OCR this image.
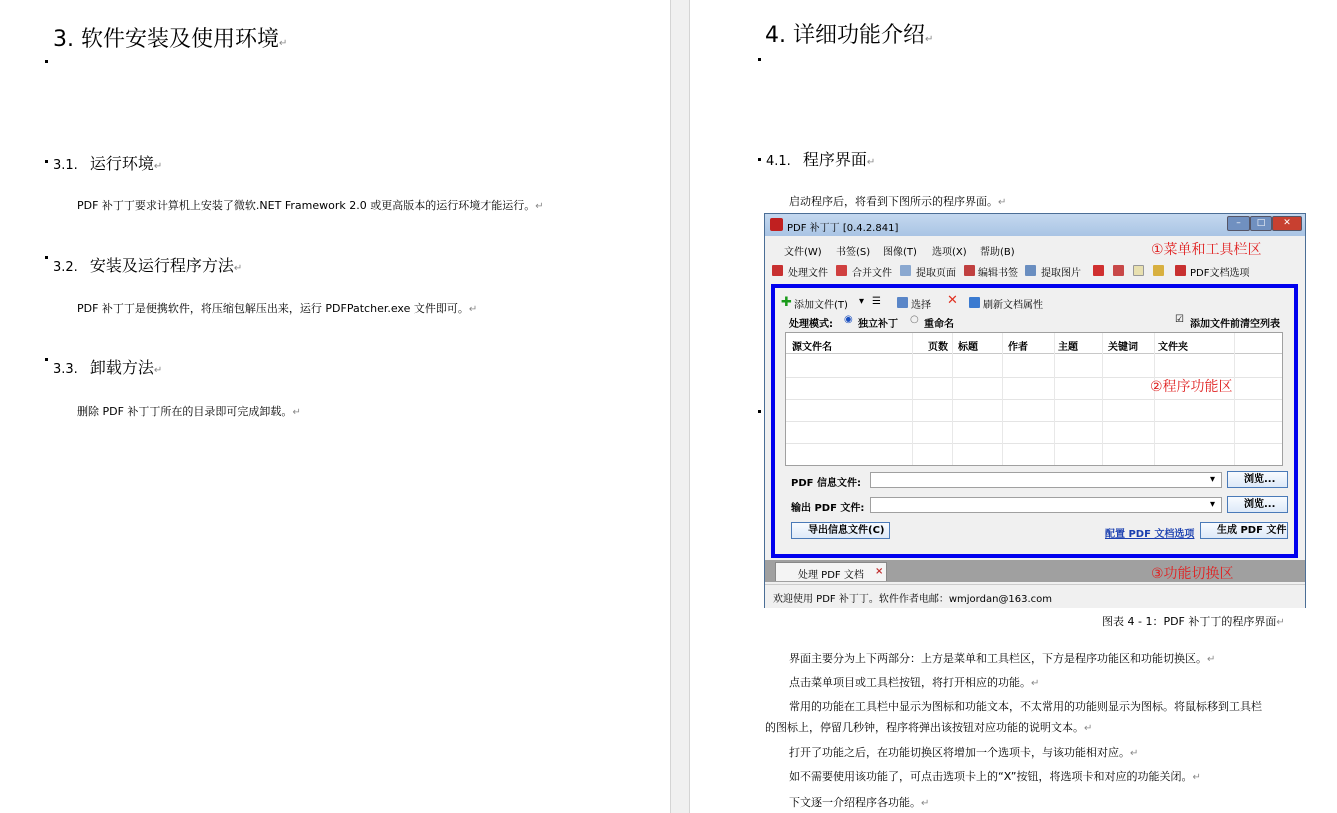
3. 软件安装及使用环境↵
3.1. 运行环境↵
PDF 补丁丁要求计算机上安装了微软.NET Framework 2.0 或更高版本的运行环境才能运行。↵
3.2. 安装及运行程序方法↵
PDF 补丁丁是便携软件，将压缩包解压出来，运行 PDFPatcher.exe 文件即可。↵
3.3. 卸载方法↵
删除 PDF 补丁丁所在的目录即可完成卸载。↵
4. 详细功能介绍↵
4.1. 程序界面↵
启动程序后，将看到下图所示的程序界面。↵
图表 4 - 1：PDF 补丁丁的程序界面↵
界面主要分为上下两部分：上方是菜单和工具栏区，下方是程序功能区和功能切换区。↵
点击菜单项目或工具栏按钮，将打开相应的功能。↵
常用的功能在工具栏中显示为图标和功能文本，不太常用的功能则显示为图标。将鼠标移到工具栏
的图标上，停留几秒钟，程序将弹出该按钮对应功能的说明文本。↵
打开了功能之后，在功能切换区将增加一个选项卡，与该功能相对应。↵
如不需要使用该功能了，可点击选项卡上的“X”按钮，将选项卡和对应的功能关闭。↵
下文逐一介绍程序各功能。↵
PDF 补丁丁 [0.4.2.841]	–	□	✕
文件(W) 书签(S) 图像(T) 选项(X) 帮助(B)	①菜单和工具栏区
处理文件 合并文件 提取页面 编辑书签 提取图片	PDF文档选项
✚ 添加文件(T) ▾ ☰	选择 ✕	刷新文档属性
处理模式: ◉ 独立补丁 ○ 重命名	☑ 添加文件前清空列表
源文件名	页数 标题	作者	主题	关键词 文件夹
②程序功能区
PDF 信息文件:	▾	浏览...
输出 PDF 文件:	▾	浏览...
导出信息文件(C)	配置 PDF 文档选项	生成 PDF 文件
处理 PDF 文档 ×	③功能切换区
欢迎使用 PDF 补丁丁。软件作者电邮：wmjordan@163.com
